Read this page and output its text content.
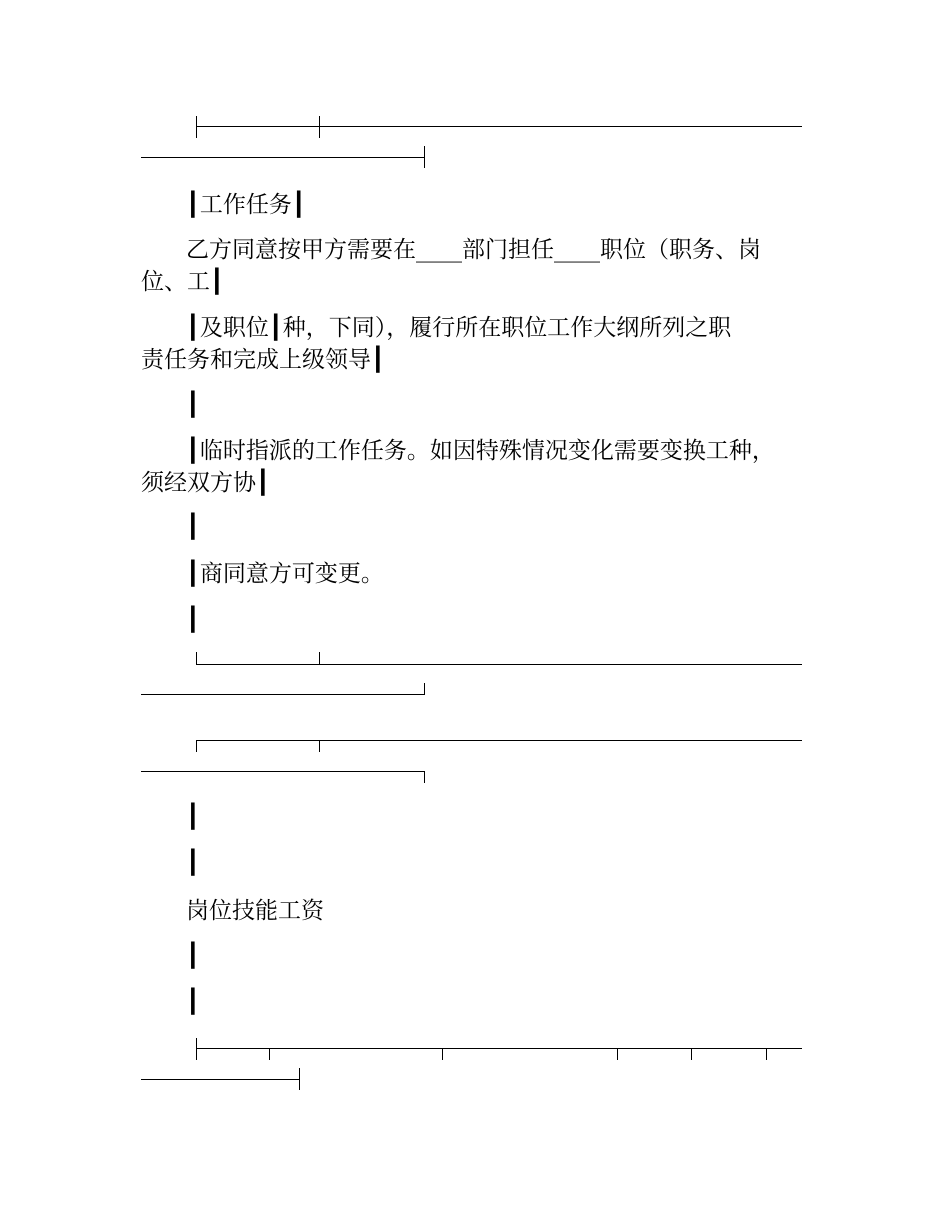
┃工作任务┃
乙方同意按甲方需要在____部门担任____职位（职务、岗
位、工┃
┃及职位┃种，下同），履行所在职位工作大纲所列之职
责任务和完成上级领导┃
┃
┃临时指派的工作任务。如因特殊情况变化需要变换工种，
须经双方协┃
┃
┃商同意方可变更。
┃
┃
┃
岗位技能工资
┃
┃
